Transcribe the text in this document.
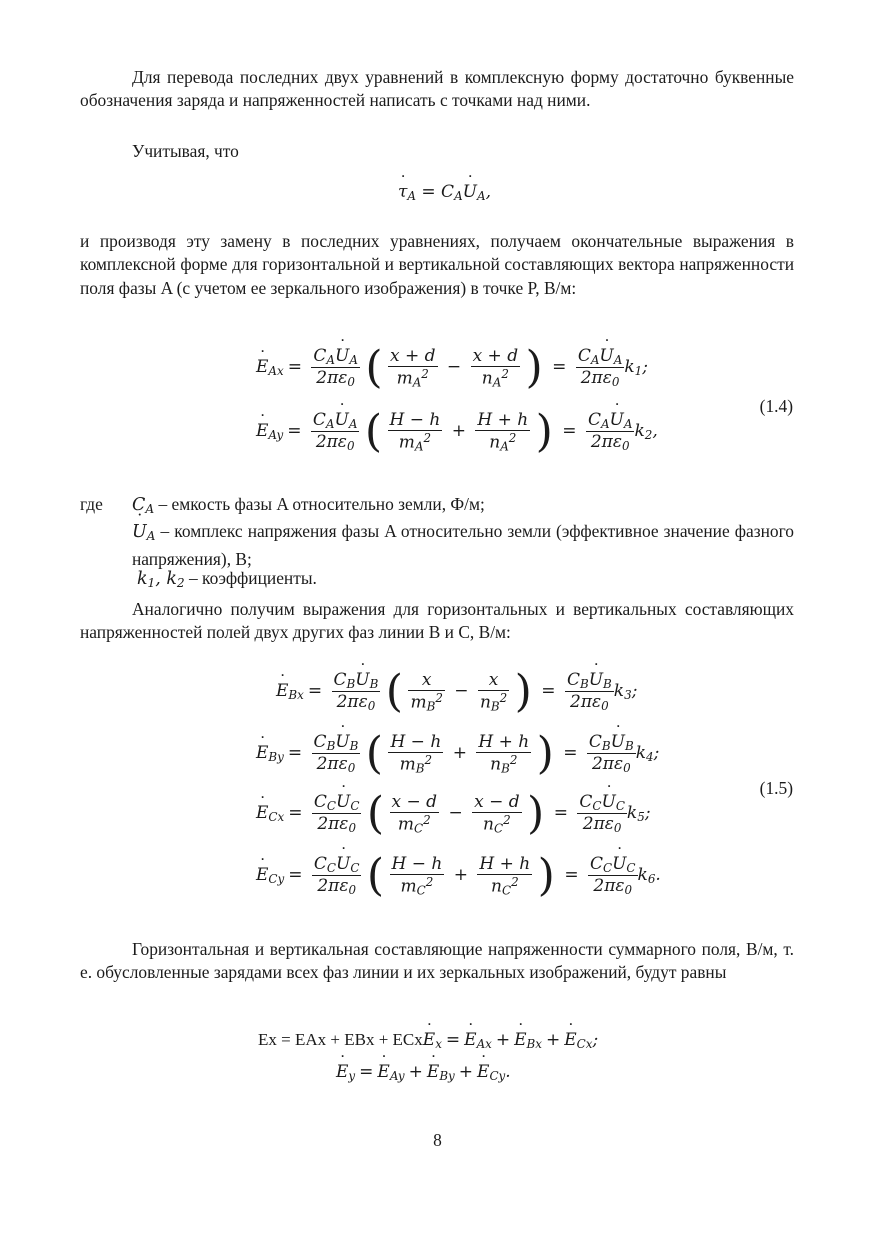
Для перевода последних двух уравнений в комплексную форму достаточно буквенные обозначения заряда и напряженностей написать с точками над ними.

Учитывая, что

˙ $\tau_A$ = $C_A˙$ $U_A$,

и производя эту замену в последних уравнениях, получаем окончательные выражения в комплексной форме для горизонтальной и вертикальной составляющих вектора напряженности поля фазы A (с учетом ее зеркального изображения) в точке P, В/м:

˙ $E_{Ax} = \frac{C_A˙ U_A}{2\pi\varepsilon_0}$ ( $\frac{x + d}{m_A^2} - \frac{x + d}{n_A^2}$ ) = $\frac{C_A˙ U_A}{2\pi\varepsilon_0} k_1$;
˙ $E_{Ay} = \frac{C_A˙ U_A}{2\pi\varepsilon_0}$ ( $\frac{H - h}{m_A^2} + \frac{H + h}{n_A^2}$ ) = $\frac{C_A˙ U_A}{2\pi\varepsilon_0} k_2$,
(1.4)
где $C_A$ – емкость фазы A относительно земли, Ф/м;
˙ $U_A$ – комплекс напряжения фазы A относительно земли (эффективное значение фазного напряжения), В;
$k_1$, $k_2$ – коэффициенты.

Аналогично получим выражения для горизонтальных и вертикальных составляющих напряженностей полей двух других фаз линии B и C, В/м:

˙ $E_{Bx} = \frac{C_B˙ U_B}{2\pi\varepsilon_0}$ ( $\frac{x}{m_B^2} - \frac{x}{n_B^2}$ ) = $\frac{C_B˙ U_B}{2\pi\varepsilon_0} k_3$;
˙ $E_{By} = \frac{C_B˙ U_B}{2\pi\varepsilon_0}$ ( $\frac{H - h}{m_B^2} + \frac{H + h}{n_B^2}$ ) = $\frac{C_B˙ U_B}{2\pi\varepsilon_0} k_4$;
˙ $E_{Cx} = \frac{C_C˙ U_C}{2\pi\varepsilon_0}$ ( $\frac{x - d}{m_C^2} - \frac{x - d}{n_C^2}$ ) = $\frac{C_C˙ U_C}{2\pi\varepsilon_0} k_5$;
˙ $E_{Cy} = \frac{C_C˙ U_C}{2\pi\varepsilon_0}$ ( $\frac{H - h}{m_C^2} + \frac{H + h}{n_C^2}$ ) = $\frac{C_C˙ U_C}{2\pi\varepsilon_0} k_6$.
(1.5)

Горизонтальная и вертикальная составляющие напряженности суммарного поля, В/м, т. е. обусловленные зарядами всех фаз линии и их зеркальных изображений, будут равны

Ex = EAx + EBx + ECx˙ $E_x$ = ˙ $E_{Ax}$ + ˙ $E_{Bx}$ + ˙ $E_{Cx}$;
˙ $E_y$ = ˙ $E_{Ay}$ + ˙ $E_{By}$ + ˙ $E_{Cy}$.
8
